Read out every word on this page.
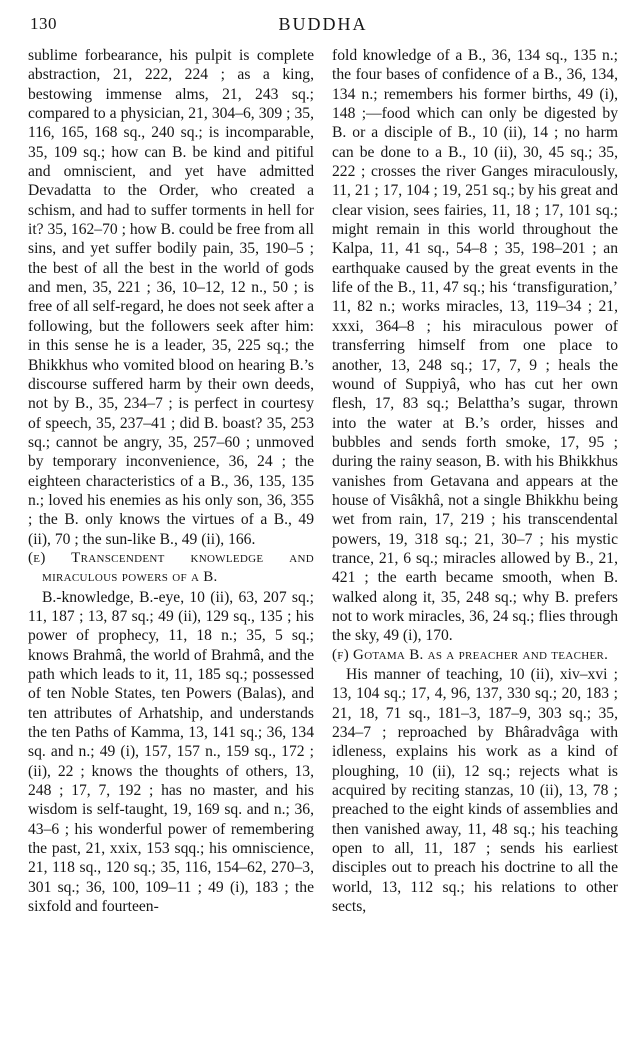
130	BUDDHA

sublime forbearance, his pulpit is complete abstraction, 21, 222, 224 ; as a king, bestowing immense alms, 21, 243 sq.; compared to a physician, 21, 304–6, 309 ; 35, 116, 165, 168 sq., 240 sq.; is incomparable, 35, 109 sq.; how can B. be kind and pitiful and omniscient, and yet have admitted Devadatta to the Order, who created a schism, and had to suffer torments in hell for it? 35, 162–70 ; how B. could be free from all sins, and yet suffer bodily pain, 35, 190–5 ; the best of all the best in the world of gods and men, 35, 221 ; 36, 10–12, 12 n., 50 ; is free of all self-regard, he does not seek after a following, but the followers seek after him: in this sense he is a leader, 35, 225 sq.; the Bhikkhus who vomited blood on hearing B.’s discourse suffered harm by their own deeds, not by B., 35, 234–7 ; is perfect in courtesy of speech, 35, 237–41 ; did B. boast? 35, 253 sq.; cannot be angry, 35, 257–60 ; unmoved by temporary inconvenience, 36, 24 ; the eighteen characteristics of a B., 36, 135, 135 n.; loved his enemies as his only son, 36, 355 ; the B. only knows the virtues of a B., 49 (ii), 70 ; the sun-like B., 49 (ii), 166.

(e) Transcendent knowledge and miraculous powers of a B.

B.-knowledge, B.-eye, 10 (ii), 63, 207 sq.; 11, 187 ; 13, 87 sq.; 49 (ii), 129 sq., 135 ; his power of prophecy, 11, 18 n.; 35, 5 sq.; knows Brahmâ, the world of Brahmâ, and the path which leads to it, 11, 185 sq.; possessed of ten Noble States, ten Powers (Balas), and ten attributes of Arhatship, and understands the ten Paths of Kamma, 13, 141 sq.; 36, 134 sq. and n.; 49 (i), 157, 157 n., 159 sq., 172 ; (ii), 22 ; knows the thoughts of others, 13, 248 ; 17, 7, 192 ; has no master, and his wisdom is self-taught, 19, 169 sq. and n.; 36, 43–6 ; his wonderful power of remembering the past, 21, xxix, 153 sqq.; his omniscience, 21, 118 sq., 120 sq.; 35, 116, 154–62, 270–3, 301 sq.; 36, 100, 109–11 ; 49 (i), 183 ; the sixfold and fourteen-

fold knowledge of a B., 36, 134 sq., 135 n.; the four bases of confidence of a B., 36, 134, 134 n.; remembers his former births, 49 (i), 148 ;—food which can only be digested by B. or a disciple of B., 10 (ii), 14 ; no harm can be done to a B., 10 (ii), 30, 45 sq.; 35, 222 ; crosses the river Ganges miraculously, 11, 21 ; 17, 104 ; 19, 251 sq.; by his great and clear vision, sees fairies, 11, 18 ; 17, 101 sq.; might remain in this world throughout the Kalpa, 11, 41 sq., 54–8 ; 35, 198–201 ; an earthquake caused by the great events in the life of the B., 11, 47 sq.; his ‘transfiguration,’ 11, 82 n.; works miracles, 13, 119–34 ; 21, xxxi, 364–8 ; his miraculous power of transferring himself from one place to another, 13, 248 sq.; 17, 7, 9 ; heals the wound of Suppiyâ, who has cut her own flesh, 17, 83 sq.; Belattha’s sugar, thrown into the water at B.’s order, hisses and bubbles and sends forth smoke, 17, 95 ; during the rainy season, B. with his Bhikkhus vanishes from Getavana and appears at the house of Visâkhâ, not a single Bhikkhu being wet from rain, 17, 219 ; his transcendental powers, 19, 318 sq.; 21, 30–7 ; his mystic trance, 21, 6 sq.; miracles allowed by B., 21, 421 ; the earth became smooth, when B. walked along it, 35, 248 sq.; why B. prefers not to work miracles, 36, 24 sq.; flies through the sky, 49 (i), 170.

(f) Gotama B. as a preacher and teacher.

His manner of teaching, 10 (ii), xiv–xvi ; 13, 104 sq.; 17, 4, 96, 137, 330 sq.; 20, 183 ; 21, 18, 71 sq., 181–3, 187–9, 303 sq.; 35, 234–7 ; reproached by Bhâradvâga with idleness, explains his work as a kind of ploughing, 10 (ii), 12 sq.; rejects what is acquired by reciting stanzas, 10 (ii), 13, 78 ; preached to the eight kinds of assemblies and then vanished away, 11, 48 sq.; his teaching open to all, 11, 187 ; sends his earliest disciples out to preach his doctrine to all the world, 13, 112 sq.; his relations to other sects,
